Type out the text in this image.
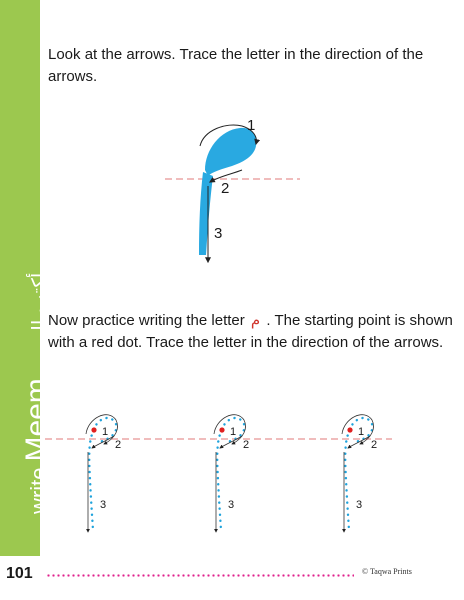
write
Meem
أكتب الميم
Look at the arrows. Trace the letter in the direction of the arrows.
Now practice writing the letter م . The starting point is shown with a red dot. Trace the letter in the direction of the arrows.
1
2
3
1
2
3
1
2
3
1
2
3
101	© Taqwa Prints
